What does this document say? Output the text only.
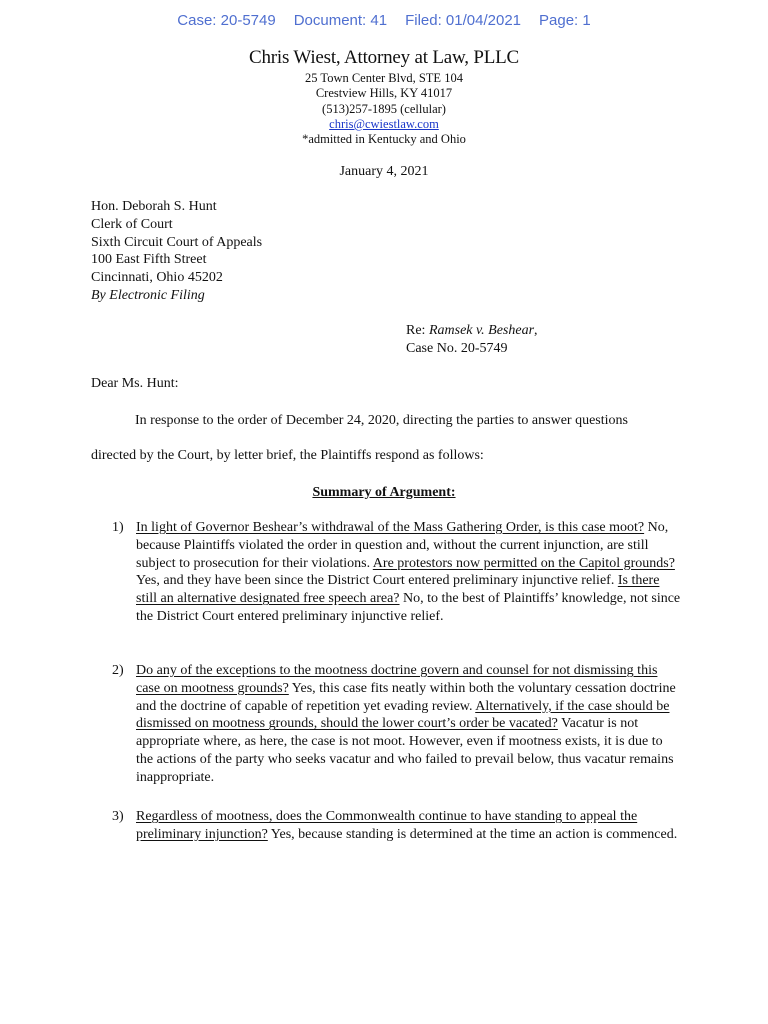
Case: 20-5749 Document: 41 Filed: 01/04/2021 Page: 1
Chris Wiest, Attorney at Law, PLLC
25 Town Center Blvd, STE 104
Crestview Hills, KY 41017
(513)257-1895 (cellular)
chris@cwiestlaw.com
*admitted in Kentucky and Ohio
January 4, 2021
Hon. Deborah S. Hunt
Clerk of Court
Sixth Circuit Court of Appeals
100 East Fifth Street
Cincinnati, Ohio 45202
By Electronic Filing
Re: Ramsek v. Beshear,
Case No. 20-5749
Dear Ms. Hunt:
In response to the order of December 24, 2020, directing the parties to answer questions
directed by the Court, by letter brief, the Plaintiffs respond as follows:
Summary of Argument:
1) In light of Governor Beshear’s withdrawal of the Mass Gathering Order, is this case moot? No, because Plaintiffs violated the order in question and, without the current injunction, are still subject to prosecution for their violations. Are protestors now permitted on the Capitol grounds? Yes, and they have been since the District Court entered preliminary injunctive relief. Is there still an alternative designated free speech area? No, to the best of Plaintiffs’ knowledge, not since the District Court entered preliminary injunctive relief.
2) Do any of the exceptions to the mootness doctrine govern and counsel for not dismissing this case on mootness grounds? Yes, this case fits neatly within both the voluntary cessation doctrine and the doctrine of capable of repetition yet evading review. Alternatively, if the case should be dismissed on mootness grounds, should the lower court’s order be vacated? Vacatur is not appropriate where, as here, the case is not moot. However, even if mootness exists, it is due to the actions of the party who seeks vacatur and who failed to prevail below, thus vacatur remains inappropriate.
3) Regardless of mootness, does the Commonwealth continue to have standing to appeal the preliminary injunction? Yes, because standing is determined at the time an action is commenced.
